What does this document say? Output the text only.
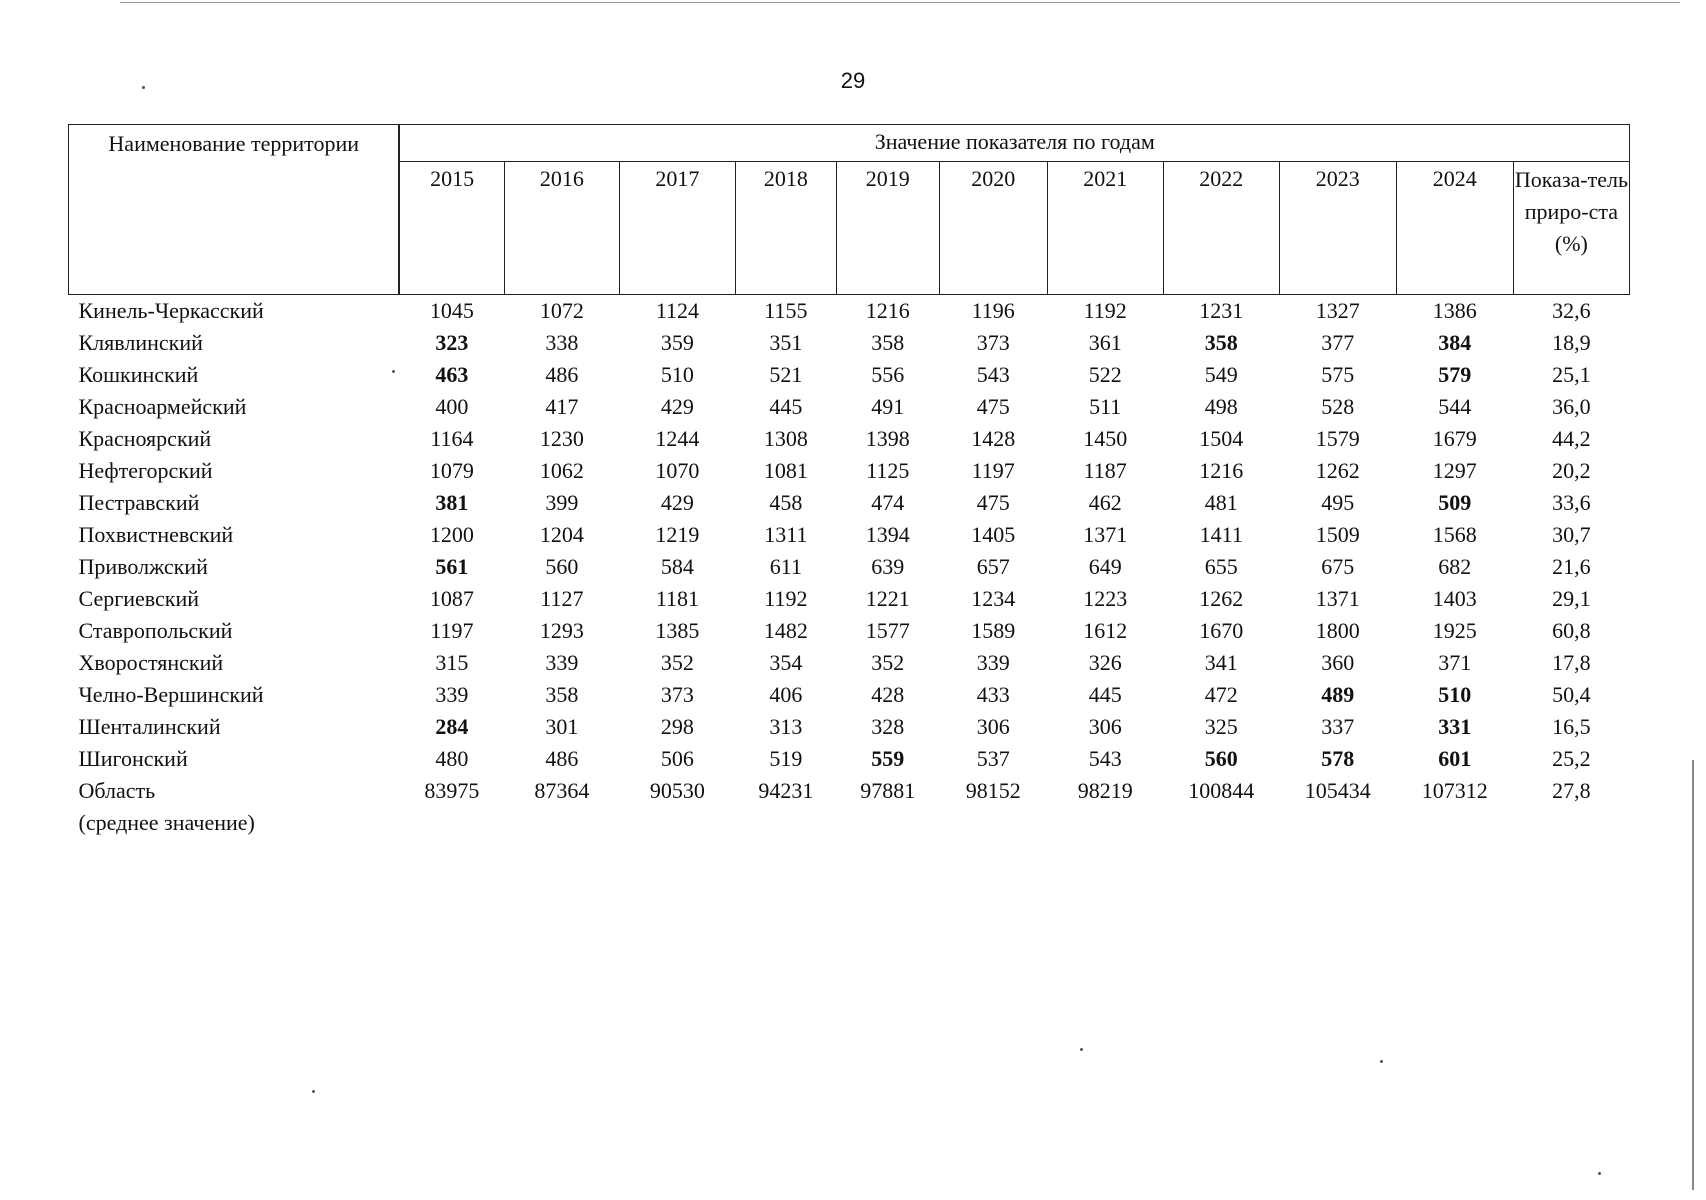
29
Наименование территории	Значение показателя по годам										
	2015	2016	2017	2018	2019	2020	2021	2022	2023	2024	Показа-тель приро-ста (%)
Кинель-Черкасский	1045	1072	1124	1155	1216	1196	1192	1231	1327	1386	32,6
Клявлинский	323	338	359	351	358	373	361	358	377	384	18,9
Кошкинский	463	486	510	521	556	543	522	549	575	579	25,1
Красноармейский	400	417	429	445	491	475	511	498	528	544	36,0
Красноярский	1164	1230	1244	1308	1398	1428	1450	1504	1579	1679	44,2
Нефтегорский	1079	1062	1070	1081	1125	1197	1187	1216	1262	1297	20,2
Пестравский	381	399	429	458	474	475	462	481	495	509	33,6
Похвистневский	1200	1204	1219	1311	1394	1405	1371	1411	1509	1568	30,7
Приволжский	561	560	584	611	639	657	649	655	675	682	21,6
Сергиевский	1087	1127	1181	1192	1221	1234	1223	1262	1371	1403	29,1
Ставропольский	1197	1293	1385	1482	1577	1589	1612	1670	1800	1925	60,8
Хворостянский	315	339	352	354	352	339	326	341	360	371	17,8
Челно-Вершинский	339	358	373	406	428	433	445	472	489	510	50,4
Шенталинский	284	301	298	313	328	306	306	325	337	331	16,5
Шигонский	480	486	506	519	559	537	543	560	578	601	25,2
Область
(среднее значение)	83975	87364	90530	94231	97881	98152	98219	100844	105434	107312	27,8
